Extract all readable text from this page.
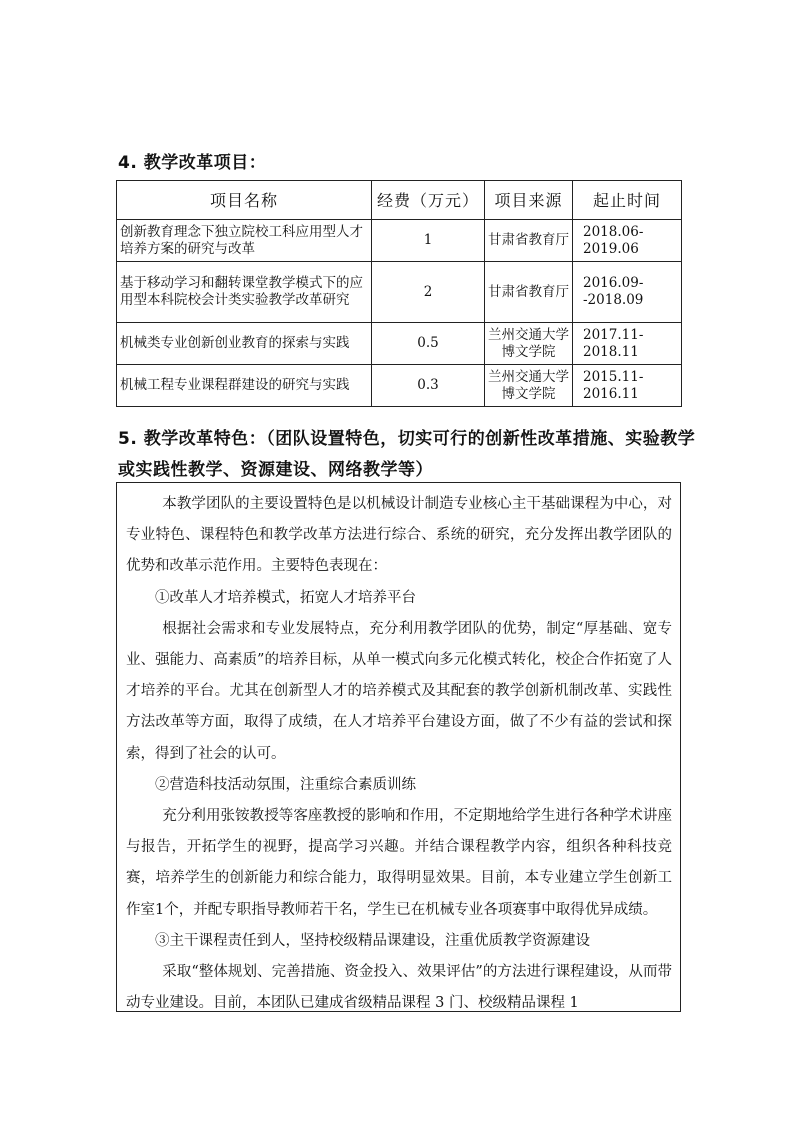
4. 教学改革项目：
项目名称	经费（万元）	项目来源	起止时间
创新教育理念下独立院校工科应用型人才培养方案的研究与改革	1	甘肃省教育厅	2018.06-2019.06
基于移动学习和翻转课堂教学模式下的应用型本科院校会计类实验教学改革研究	2	甘肃省教育厅	2016.09--2018.09
机械类专业创新创业教育的探索与实践	0.5	兰州交通大学博文学院	2017.11-2018.11
机械工程专业课程群建设的研究与实践	0.3	兰州交通大学博文学院	2015.11-2016.11
5. 教学改革特色：（团队设置特色，切实可行的创新性改革措施、实验教学或实践性教学、资源建设、网络教学等）

本教学团队的主要设置特色是以机械设计制造专业核心主干基础课程为中心，对专业特色、课程特色和教学改革方法进行综合、系统的研究，充分发挥出教学团队的优势和改革示范作用。主要特色表现在：

①改革人才培养模式，拓宽人才培养平台

根据社会需求和专业发展特点，充分利用教学团队的优势，制定“厚基础、宽专业、强能力、高素质”的培养目标，从单一模式向多元化模式转化，校企合作拓宽了人才培养的平台。尤其在创新型人才的培养模式及其配套的教学创新机制改革、实践性方法改革等方面，取得了成绩，在人才培养平台建设方面，做了不少有益的尝试和探索，得到了社会的认可。

②营造科技活动氛围，注重综合素质训练

充分利用张铵教授等客座教授的影响和作用，不定期地给学生进行各种学术讲座与报告，开拓学生的视野，提高学习兴趣。并结合课程教学内容，组织各种科技竞赛，培养学生的创新能力和综合能力，取得明显效果。目前，本专业建立学生创新工作室1个，并配专职指导教师若干名，学生已在机械专业各项赛事中取得优异成绩。

③主干课程责任到人，坚持校级精品课建设，注重优质教学资源建设

采取“整体规划、完善措施、资金投入、效果评估”的方法进行课程建设，从而带动专业建设。目前，本团队已建成省级精品课程 3 门、校级精品课程 1
